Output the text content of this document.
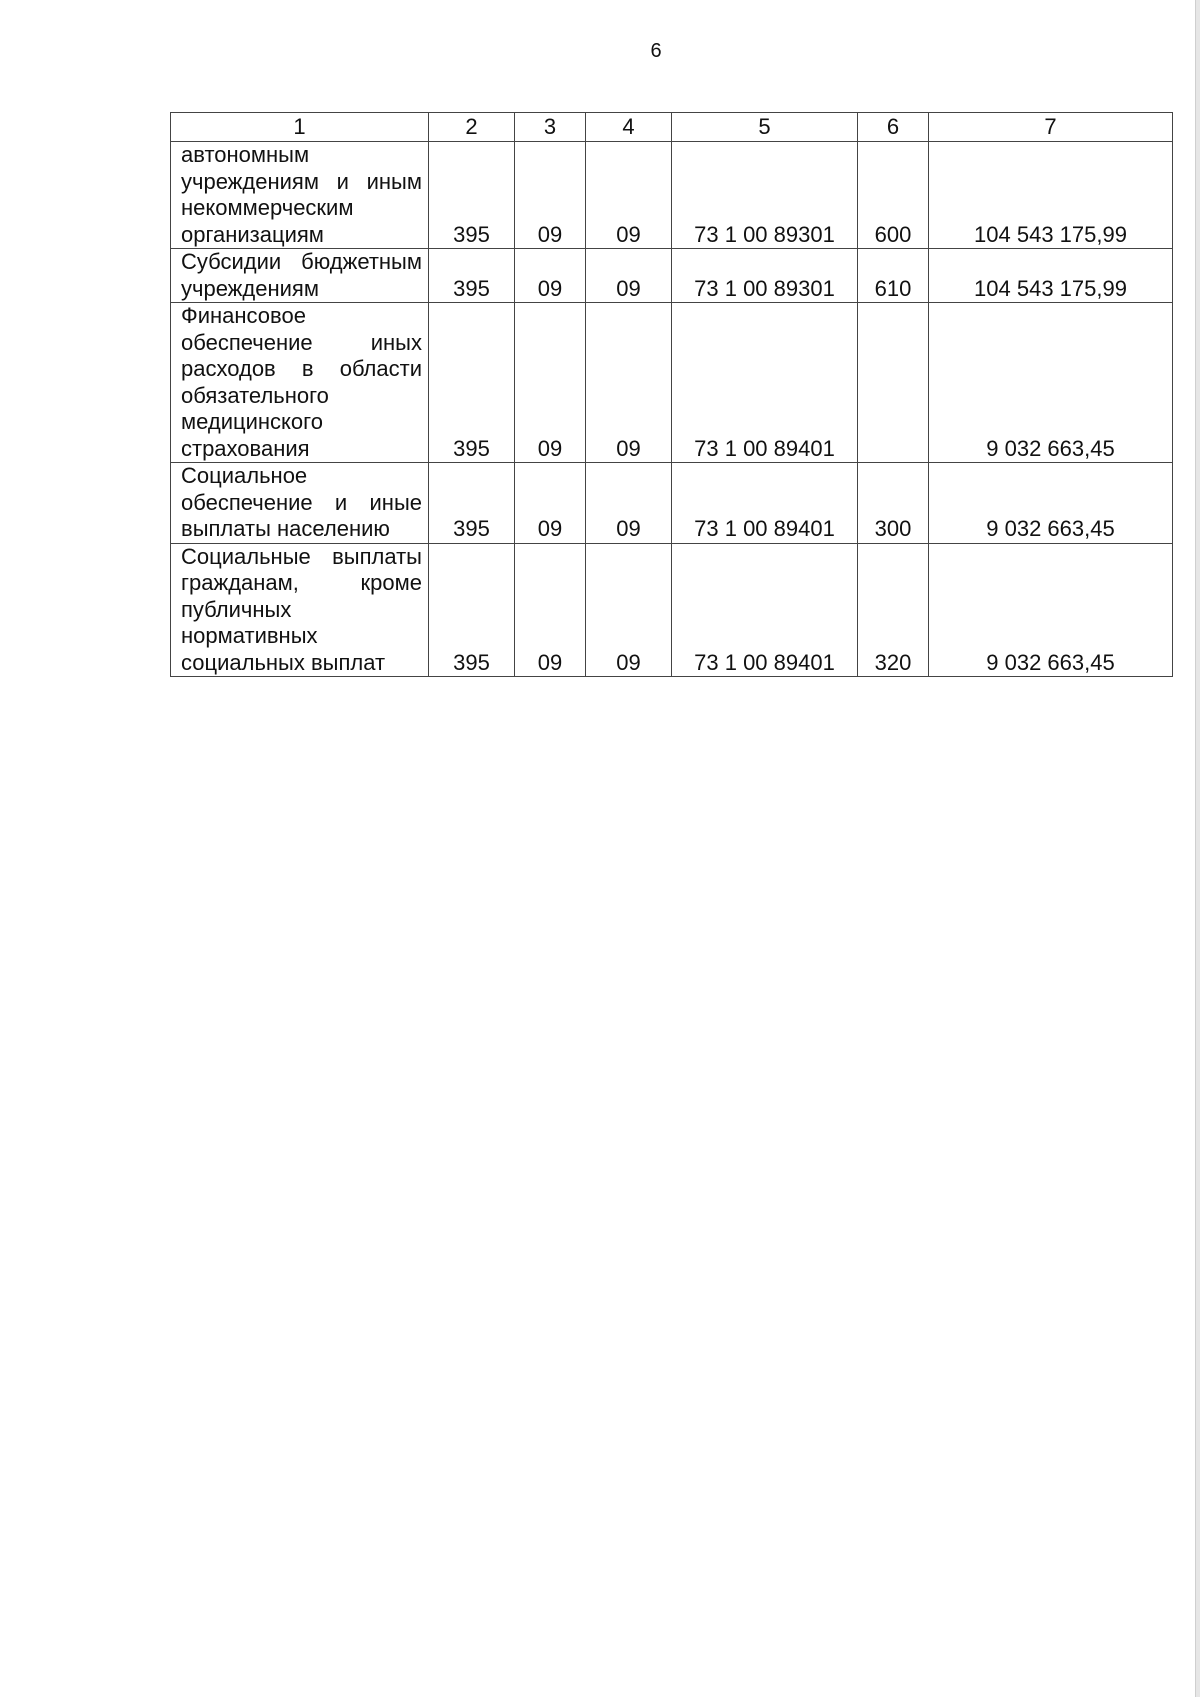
6
1	2	3	4	5	6	7
автономным учреждениям и иным некоммерческим организациям	395	09	09	73 1 00 89301	600	104 543 175,99
Субсидии бюджетным учреждениям	395	09	09	73 1 00 89301	610	104 543 175,99
Финансовое обеспечение иных расходов в области обязательного медицинского страхования	395	09	09	73 1 00 89401		9 032 663,45
Социальное обеспечение и иные выплаты населению	395	09	09	73 1 00 89401	300	9 032 663,45
Социальные выплаты гражданам, кроме публичных нормативных социальных выплат	395	09	09	73 1 00 89401	320	9 032 663,45
